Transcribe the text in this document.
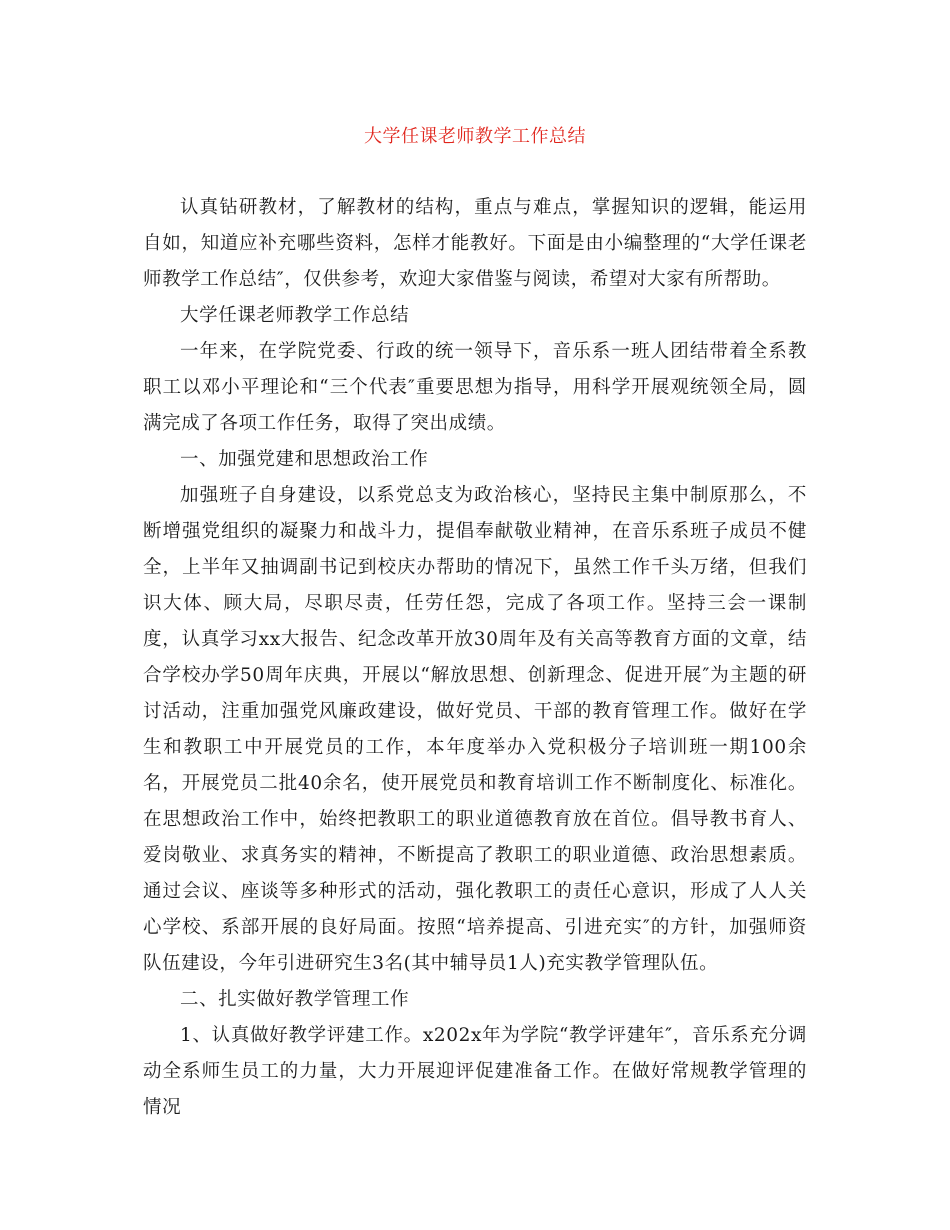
大学任课老师教学工作总结

认真钻研教材，了解教材的结构，重点与难点，掌握知识的逻辑，能运用自如，知道应补充哪些资料，怎样才能教好。下面是由小编整理的“大学任课老师教学工作总结″，仅供参考，欢迎大家借鉴与阅读，希望对大家有所帮助。

大学任课老师教学工作总结

一年来，在学院党委、行政的统一领导下，音乐系一班人团结带着全系教职工以邓小平理论和“三个代表″重要思想为指导，用科学开展观统领全局，圆满完成了各项工作任务，取得了突出成绩。

一、加强党建和思想政治工作

加强班子自身建设，以系党总支为政治核心，坚持民主集中制原那么，不断增强党组织的凝聚力和战斗力，提倡奉献敬业精神，在音乐系班子成员不健全，上半年又抽调副书记到校庆办帮助的情况下，虽然工作千头万绪，但我们识大体、顾大局，尽职尽责，任劳任怨，完成了各项工作。坚持三会一课制度，认真学习xx大报告、纪念改革开放30周年及有关高等教育方面的文章，结合学校办学50周年庆典，开展以“解放思想、创新理念、促进开展″为主题的研讨活动，注重加强党风廉政建设，做好党员、干部的教育管理工作。做好在学生和教职工中开展党员的工作，本年度举办入党积极分子培训班一期100余名，开展党员二批40余名，使开展党员和教育培训工作不断制度化、标准化。在思想政治工作中，始终把教职工的职业道德教育放在首位。倡导教书育人、爱岗敬业、求真务实的精神，不断提高了教职工的职业道德、政治思想素质。通过会议、座谈等多种形式的活动，强化教职工的责任心意识，形成了人人关心学校、系部开展的良好局面。按照“培养提高、引进充实″的方针，加强师资队伍建设，今年引进研究生3名(其中辅导员1人)充实教学管理队伍。

二、扎实做好教学管理工作

1、认真做好教学评建工作。x202x年为学院“教学评建年″，音乐系充分调动全系师生员工的力量，大力开展迎评促建准备工作。在做好常规教学管理的情况
